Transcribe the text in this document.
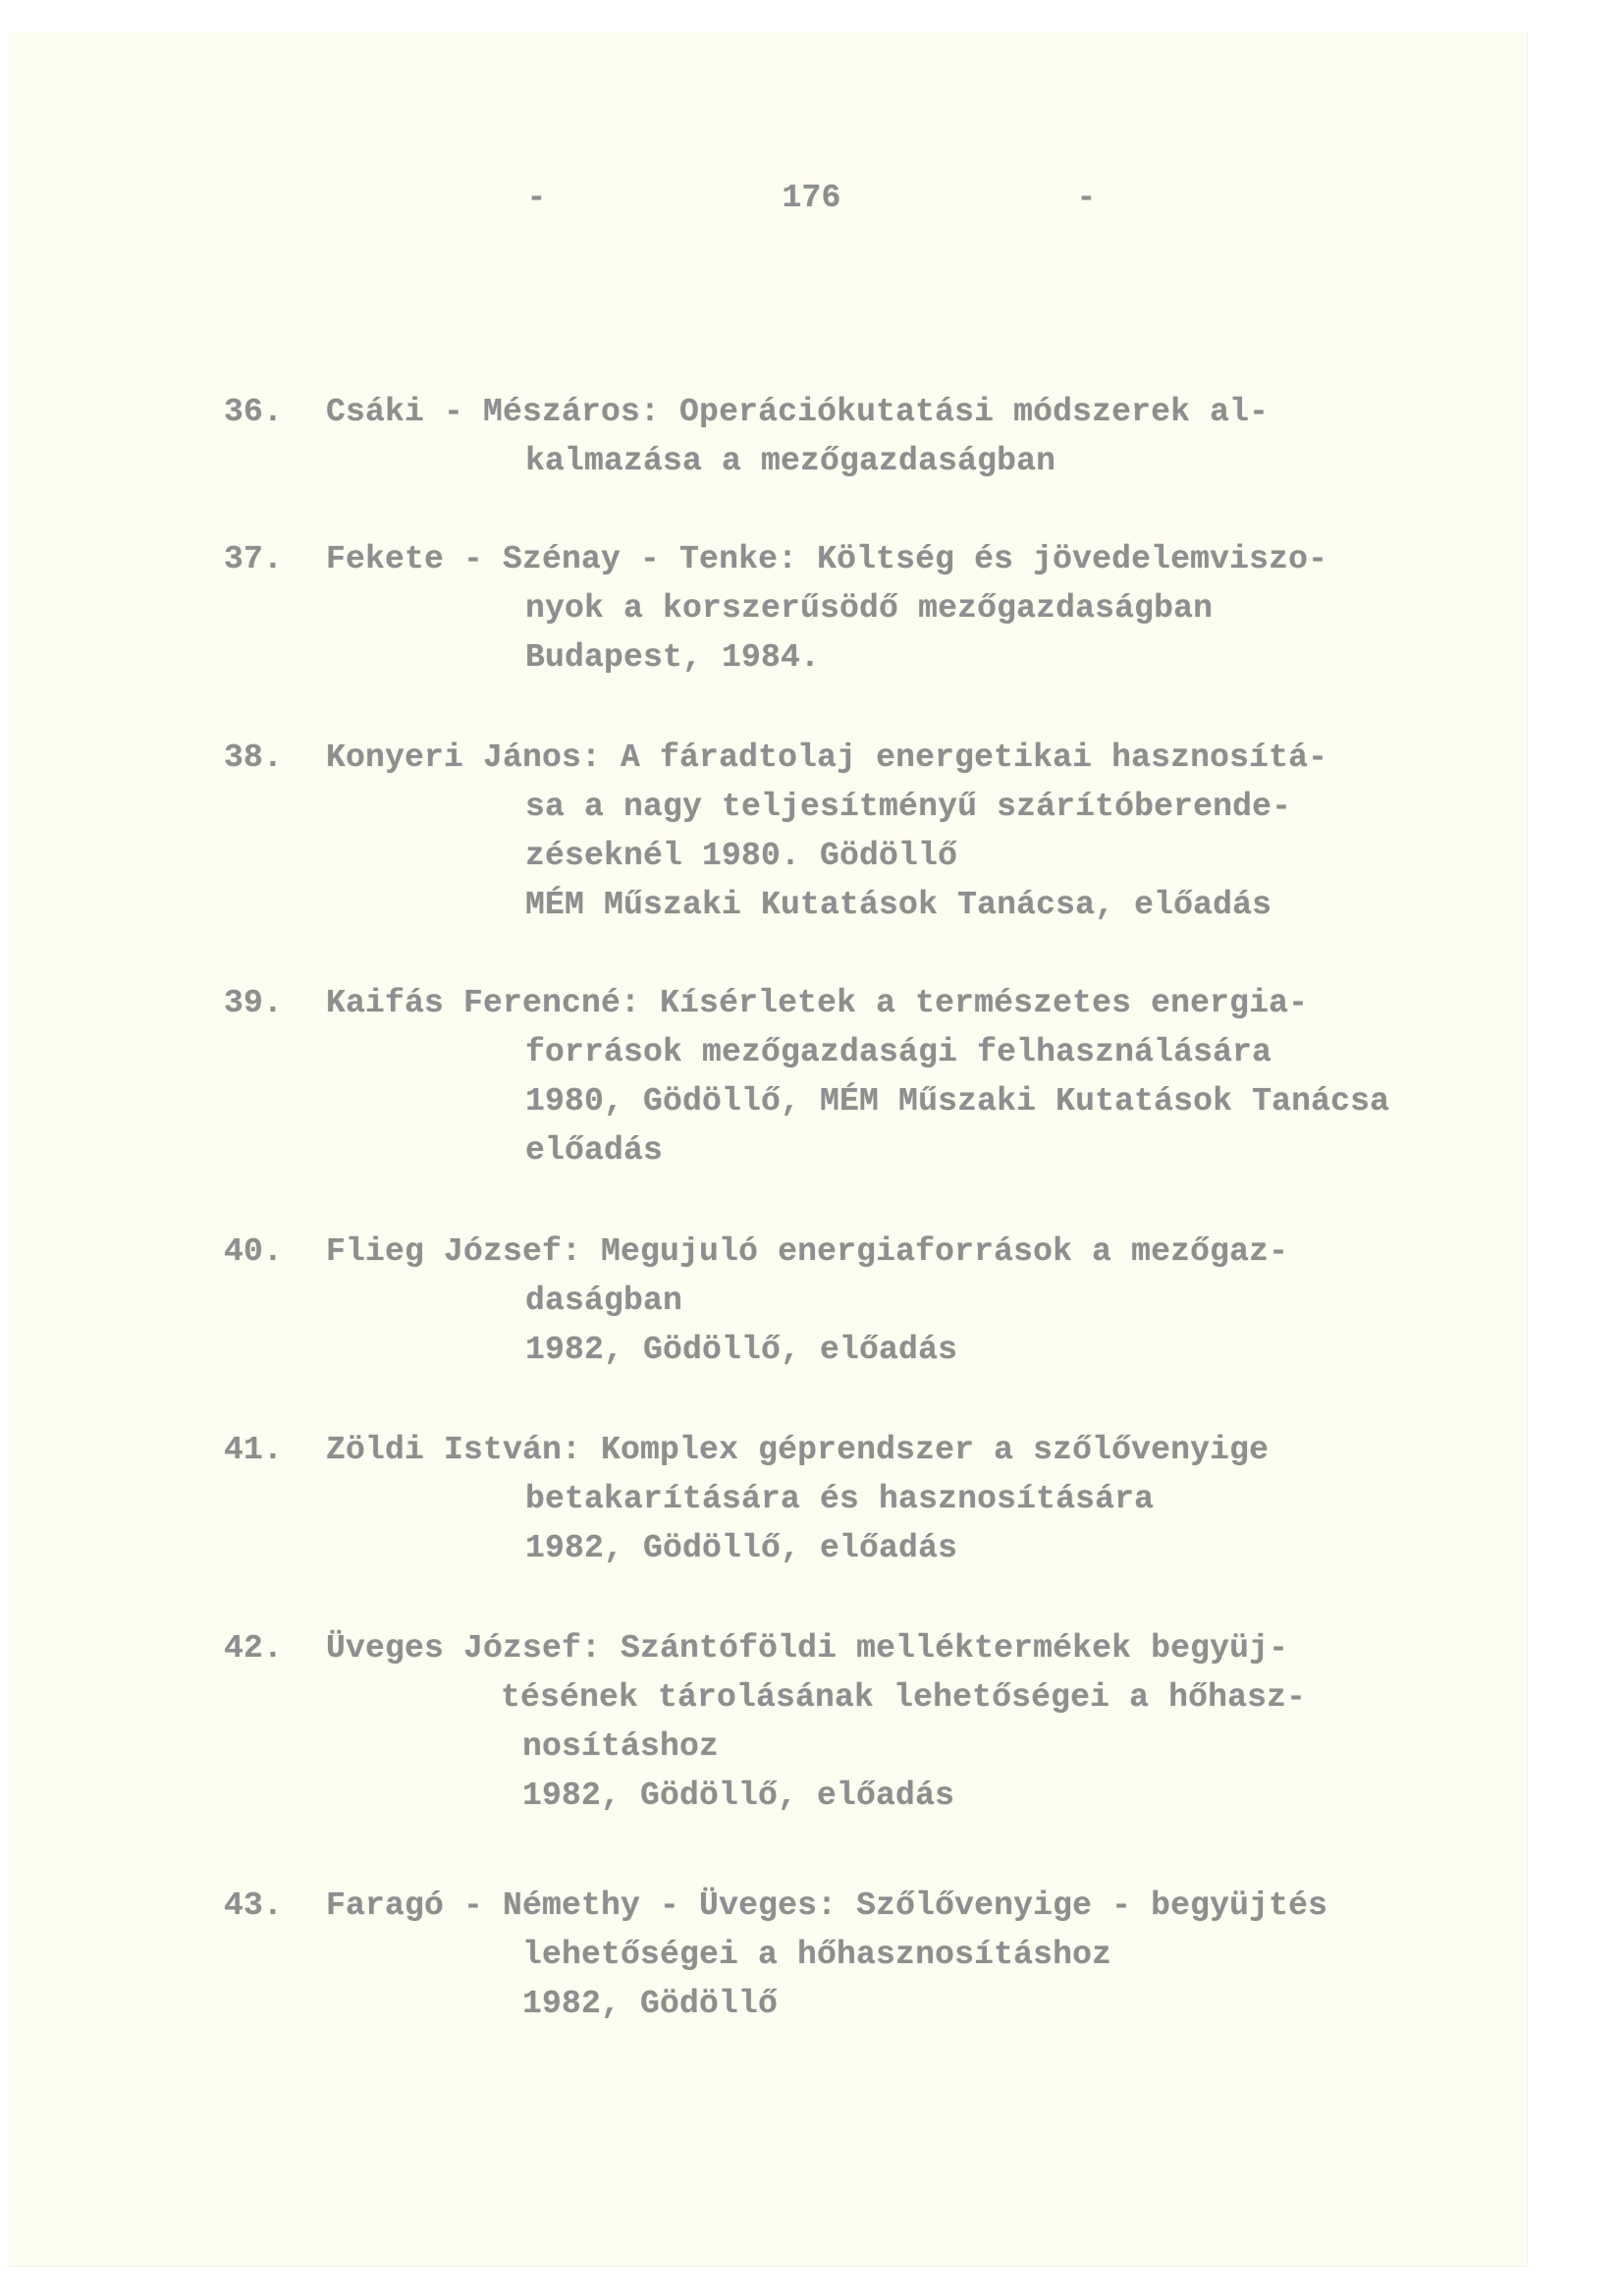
-   176   -
36. Csáki - Mészáros: Operációkutatási módszerek al-
kalmazása a mezőgazdaságban
37. Fekete - Szénay - Tenke: Költség és jövedelemviszo-
nyok a korszerűsödő mezőgazdaságban
Budapest, 1984.
38. Konyeri János: A fáradtolaj energetikai hasznosítá-
sa a nagy teljesítményű szárítóberende-
zéseknél 1980. Gödöllő
MÉM Műszaki Kutatások Tanácsa, előadás
39. Kaifás Ferencné: Kísérletek a természetes energia-
források mezőgazdasági felhasználására
1980, Gödöllő, MÉM Műszaki Kutatások Tanácsa
előadás
40. Flieg József: Megujuló energiaforrások a mezőgaz-
daságban
1982, Gödöllő, előadás
41. Zöldi István: Komplex géprendszer a szőlővenyige
betakarítására és hasznosítására
1982, Gödöllő, előadás
42. Üveges József: Szántóföldi melléktermékek begyüj-
tésének tárolásának lehetőségei a hőhasz-
nosításhoz
1982, Gödöllő, előadás
43. Faragó - Némethy - Üveges: Szőlővenyige - begyüjtés
lehetőségei a hőhasznosításhoz
1982, Gödöllő
